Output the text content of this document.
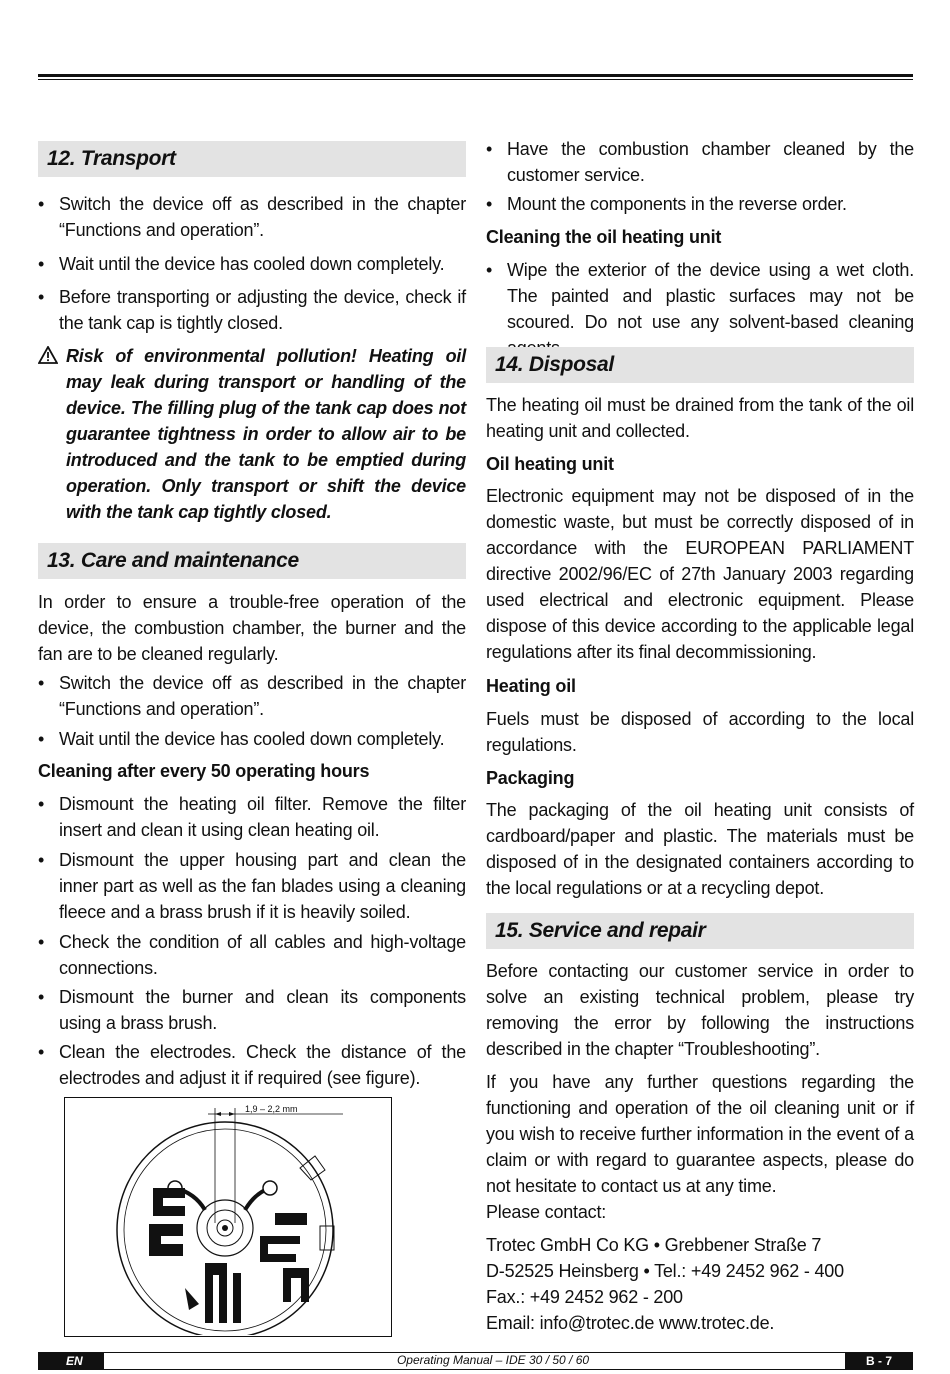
12. Transport
• Switch the device off as described in the chapter “Functions and operation”.
• Wait until the device has cooled down completely.
• Before transporting or adjusting the device, check if the tank cap is tightly closed.
Risk of environmental pollution! Heating oil may leak during transport or handling of the device. The filling plug of the tank cap does not guarantee tightness in order to allow air to be introduced and the tank to be emptied during operation. Only transport or shift the device with the tank cap tightly closed.
13. Care and maintenance

In order to ensure a trouble-free operation of the device, the combustion chamber, the burner and the fan are to be cleaned regularly.

• Switch the device off as described in the chapter “Functions and operation”.
• Wait until the device has cooled down completely.
Cleaning after every 50 operating hours
• Dismount the heating oil filter. Remove the filter insert and clean it using clean heating oil.
• Dismount the upper housing part and clean the inner part as well as the fan blades using a cleaning fleece and a brass brush if it is heavily soiled.
• Check the condition of all cables and high-voltage connections.
• Dismount the burner and clean its components using a brass brush.
• Clean the electrodes. Check the distance of the electrodes and adjust it if required (see figure).
1,9 – 2,2 mm
• Have the combustion chamber cleaned by the customer service.
• Mount the components in the reverse order.
Cleaning the oil heating unit
• Wipe the exterior of the device using a wet cloth. The painted and plastic surfaces may not be scoured. Do not use any solvent-based cleaning
14. Disposal

The heating oil must be drained from the tank of the oil heating unit and collected.

Oil heating unit

Electronic equipment may not be disposed of in the domestic waste, but must be correctly disposed of in accordance with the EUROPEAN PARLIAMENT directive 2002/96/EC of 27th January 2003 regarding used electrical and electronic equipment. Please dispose of this device according to the applicable legal regulations after its final decommissioning.

Heating oil

Fuels must be disposed of according to the local regulations.

Packaging

The packaging of the oil heating unit consists of cardboard/paper and plastic. The materials must be disposed of in the designated containers according to the local regulations or at a recycling depot.

15. Service and repair

Before contacting our customer service in order to solve an existing technical problem, please try removing the error by following the instructions described in the chapter “Troubleshooting”.

If you have any further questions regarding the functioning and operation of the oil cleaning unit or if you wish to receive further information in the event of a claim or with regard to guarantee aspects, please do not hesitate to contact us at any time.

Please contact:

Trotec GmbH Co KG • Grebbener Straße 7

D-52525 Heinsberg • Tel.: +49 2452 962 - 400

Fax.: +49 2452 962 - 200

Email: info@trotec.de www.trotec.de.

EN	Operating Manual – IDE 30 / 50 / 60	B - 7
